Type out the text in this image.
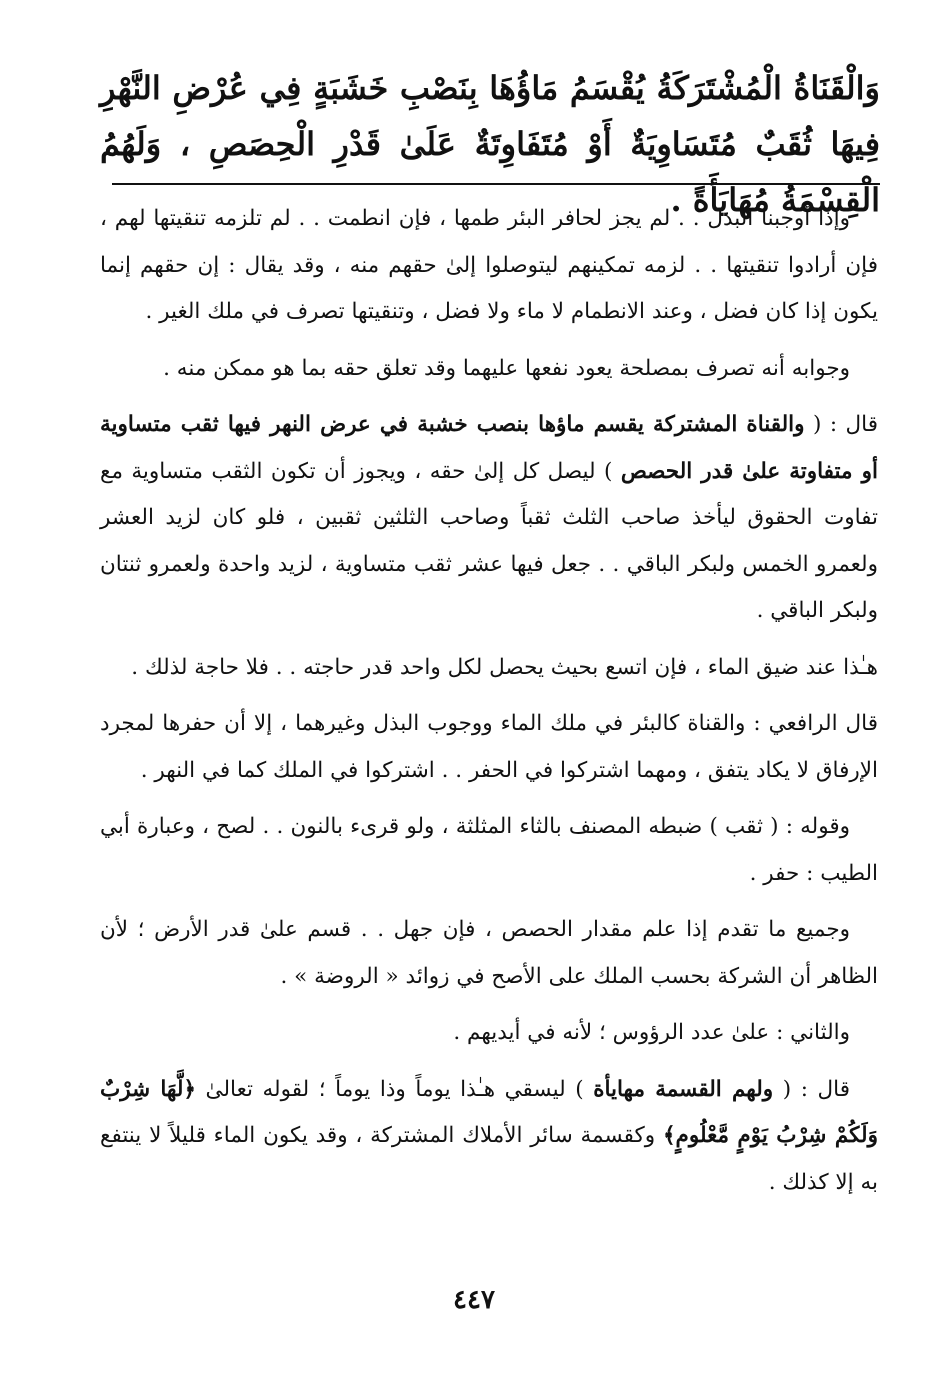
وَالْقَنَاةُ الْمُشْتَرَكَةُ يُقْسَمُ مَاؤُهَا بِنَصْبِ خَشَبَةٍ فِي عُرْضِ النَّهْرِ فِيهَا ثُقَبٌ مُتَسَاوِيَةٌ أَوْ مُتَفَاوِتَةٌ عَلَىٰ قَدْرِ الْحِصَصِ ، وَلَهُمُ الْقِسْمَةُ مُهَايَأَةً .

وإذا أوجبنا البذل . . لم يجز لحافر البئر طمها ، فإن انطمت . . لم تلزمه تنقيتها لهم ، فإن أرادوا تنقيتها . . لزمه تمكينهم ليتوصلوا إلىٰ حقهم منه ، وقد يقال : إن حقهم إنما يكون إذا كان فضل ، وعند الانطمام لا ماء ولا فضل ، وتنقيتها تصرف في ملك الغير .

وجوابه أنه تصرف بمصلحة يعود نفعها عليهما وقد تعلق حقه بما هو ممكن منه .

قال : ( والقناة المشتركة يقسم ماؤها بنصب خشبة في عرض النهر فيها ثقب متساوية أو متفاوتة علىٰ قدر الحصص ) ليصل كل إلىٰ حقه ، ويجوز أن تكون الثقب متساوية مع تفاوت الحقوق ليأخذ صاحب الثلث ثقباً وصاحب الثلثين ثقبين ، فلو كان لزيد العشر ولعمرو الخمس ولبكر الباقي . . جعل فيها عشر ثقب متساوية ، لزيد واحدة ولعمرو ثنتان ولبكر الباقي .

هـٰذا عند ضيق الماء ، فإن اتسع بحيث يحصل لكل واحد قدر حاجته . . فلا حاجة لذلك .

قال الرافعي : والقناة كالبئر في ملك الماء ووجوب البذل وغيرهما ، إلا أن حفرها لمجرد الإرفاق لا يكاد يتفق ، ومهما اشتركوا في الحفر . . اشتركوا في الملك كما في النهر .

وقوله : ( ثقب ) ضبطه المصنف بالثاء المثلثة ، ولو قرىء بالنون . . لصح ، وعبارة أبي الطيب : حفر .

وجميع ما تقدم إذا علم مقدار الحصص ، فإن جهل . . قسم علىٰ قدر الأرض ؛ لأن الظاهر أن الشركة بحسب الملك على الأصح في زوائد « الروضة » .

والثاني : علىٰ عدد الرؤوس ؛ لأنه في أيديهم .

قال : ( ولهم القسمة مهايأة ) ليسقي هـٰذا يوماً وذا يوماً ؛ لقوله تعالىٰ ﴿لَّهَا شِرْبٌ وَلَكُمْ شِرْبُ يَوْمٍ مَّعْلُومٍ﴾ وكقسمة سائر الأملاك المشتركة ، وقد يكون الماء قليلاً لا ينتفع به إلا كذلك .

٤٤٧
